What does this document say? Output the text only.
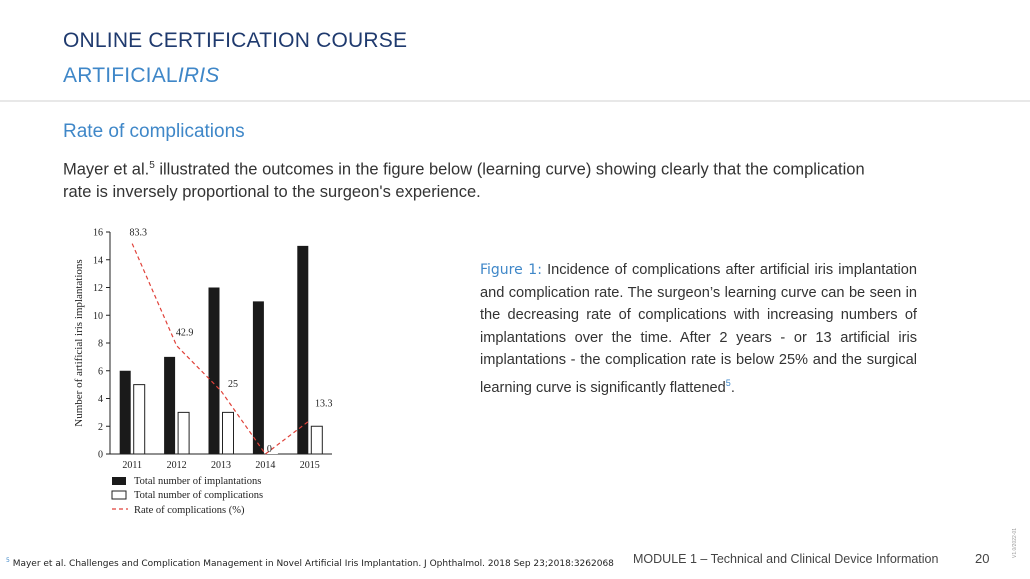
ONLINE CERTIFICATION COURSE
ARTIFICIALIRIS
Rate of complications
Mayer et al.$^5$ illustrated the outcomes in the figure below (learning curve) showing clearly that the complication rate is inversely proportional to the surgeon's experience.
0
2
4
6
8
10
12
14
16
Number of artificial iris implantations
2011 2012 2013 2014 2015
83.3
42.9
25
0
13.3
Total number of implantations
Total number of complications
Rate of complications (%)
Figure 1: Incidence of complications after artificial iris implantation and complication rate. The surgeon’s learning curve can be seen in the decreasing rate of complications with increasing numbers of implantations over the time. After 2 years - or 13 artificial iris implantations - the complication rate is below 25% and the surgical learning curve is significantly flattened$^5$.
$^5$ Mayer et al. Challenges and Complication Management in Novel Artificial Iris Implantation. J Ophthalmol. 2018 Sep 23;2018:3262068 MODULE 1 – Technical and Clinical Device Information	20
V1.0/2022-01
